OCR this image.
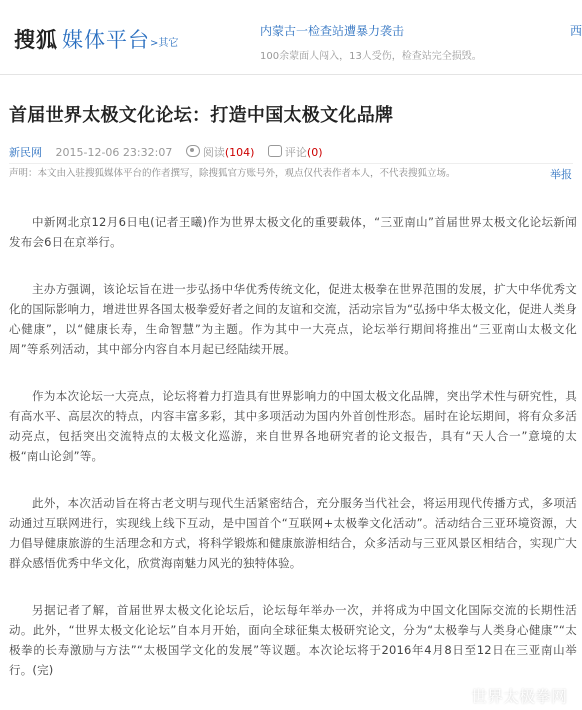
搜狐 媒体平台 >其它
内蒙古一检查站遭暴力袭击
100余蒙面人闯入，13人受伤，检查站完全损毁。
西
首届世界太极文化论坛：打造中国太极文化品牌
新民网 2015-12-06 23:32:07	阅读(104)	评论(0)
声明：本文由入驻搜狐媒体平台的作者撰写，除搜狐官方账号外，观点仅代表作者本人，不代表搜狐立场。	举报

中新网北京12月6日电(记者王曦)作为世界太极文化的重要载体，“三亚南山”首届世界太极文化论坛新闻发布会6日在京举行。

主办方强调，该论坛旨在进一步弘扬中华优秀传统文化，促进太极拳在世界范围的发展，扩大中华优秀文化的国际影响力，增进世界各国太极拳爱好者之间的友谊和交流，活动宗旨为“弘扬中华太极文化，促进人类身心健康”，以“健康长寿，生命智慧”为主题。作为其中一大亮点，论坛举行期间将推出“三亚南山太极文化周”等系列活动，其中部分内容自本月起已经陆续开展。

作为本次论坛一大亮点，论坛将着力打造具有世界影响力的中国太极文化品牌，突出学术性与研究性，具有高水平、高层次的特点，内容丰富多彩，其中多项活动为国内外首创性形态。届时在论坛期间，将有众多活动亮点，包括突出交流特点的太极文化巡游，来自世界各地研究者的论文报告，具有“天人合一”意境的太极“南山论剑”等。

此外，本次活动旨在将古老文明与现代生活紧密结合，充分服务当代社会，将运用现代传播方式，多项活动通过互联网进行，实现线上线下互动，是中国首个“互联网+太极拳文化活动”。活动结合三亚环境资源，大力倡导健康旅游的生活理念和方式，将科学锻炼和健康旅游相结合，众多活动与三亚风景区相结合，实现广大群众感悟优秀中华文化，欣赏海南魅力风光的独特体验。

另据记者了解，首届世界太极文化论坛后，论坛每年举办一次，并将成为中国文化国际交流的长期性活动。此外，“世界太极文化论坛”自本月开始，面向全球征集太极研究论文，分为“太极拳与人类身心健康”“太极拳的长寿激励与方法”“太极国学文化的发展”等议题。本次论坛将于2016年4月8日至12日在三亚南山举行。(完)

世界太极拳网
